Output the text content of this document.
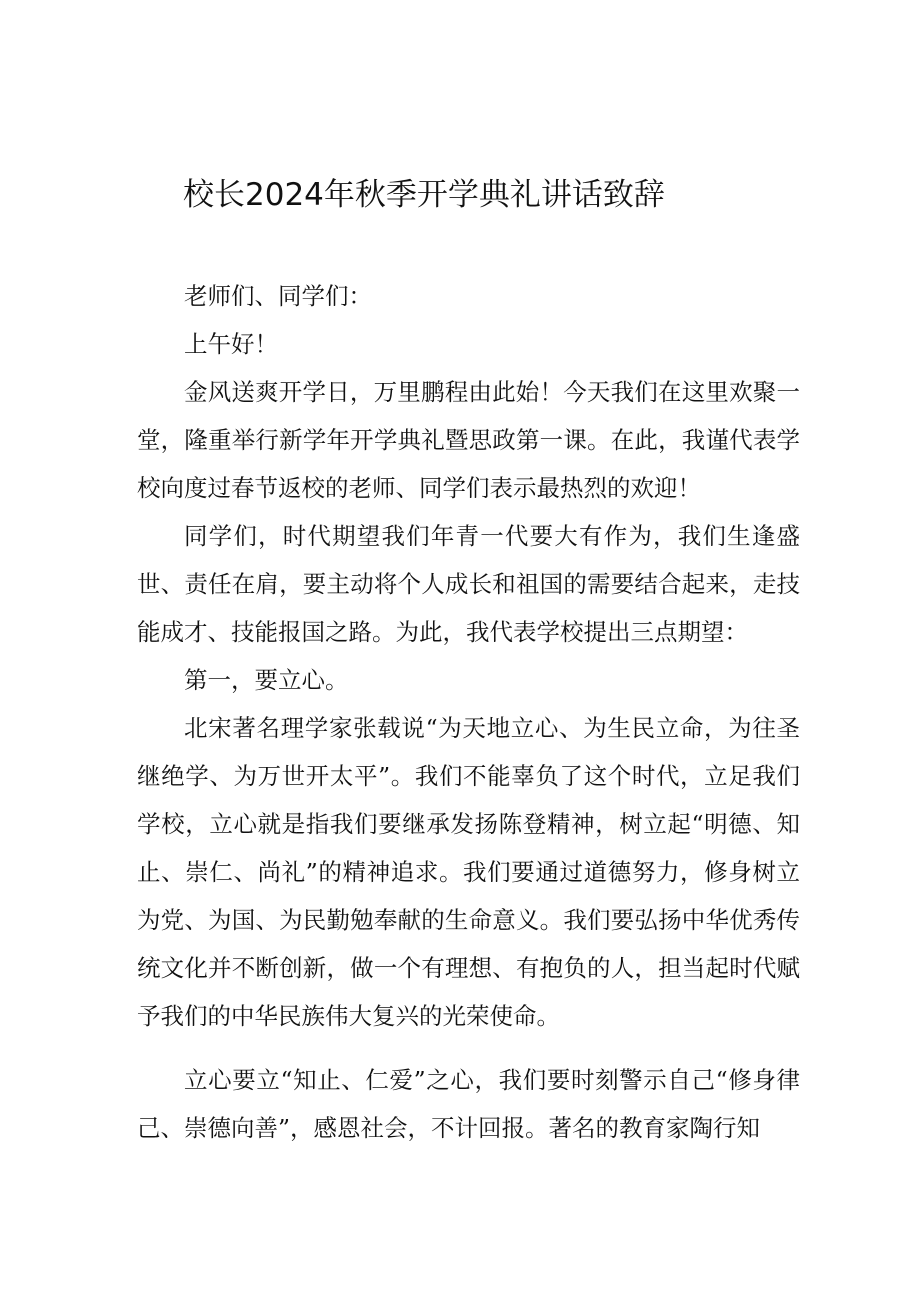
校长2024年秋季开学典礼讲话致辞

老师们、同学们：

上午好！

金风送爽开学日，万里鹏程由此始！今天我们在这里欢聚一堂，隆重举行新学年开学典礼暨思政第一课。在此，我谨代表学校向度过春节返校的老师、同学们表示最热烈的欢迎！

同学们，时代期望我们年青一代要大有作为，我们生逢盛世、责任在肩，要主动将个人成长和祖国的需要结合起来，走技能成才、技能报国之路。为此，我代表学校提出三点期望：

第一，要立心。

北宋著名理学家张载说“为天地立心、为生民立命，为往圣继绝学、为万世开太平”。我们不能辜负了这个时代，立足我们学校，立心就是指我们要继承发扬陈登精神，树立起“明德、知止、崇仁、尚礼”的精神追求。我们要通过道德努力，修身树立为党、为国、为民勤勉奉献的生命意义。我们要弘扬中华优秀传统文化并不断创新，做一个有理想、有抱负的人，担当起时代赋予我们的中华民族伟大复兴的光荣使命。

立心要立“知止、仁爱”之心，我们要时刻警示自己“修身律己、崇德向善”，感恩社会，不计回报。著名的教育家陶行知
